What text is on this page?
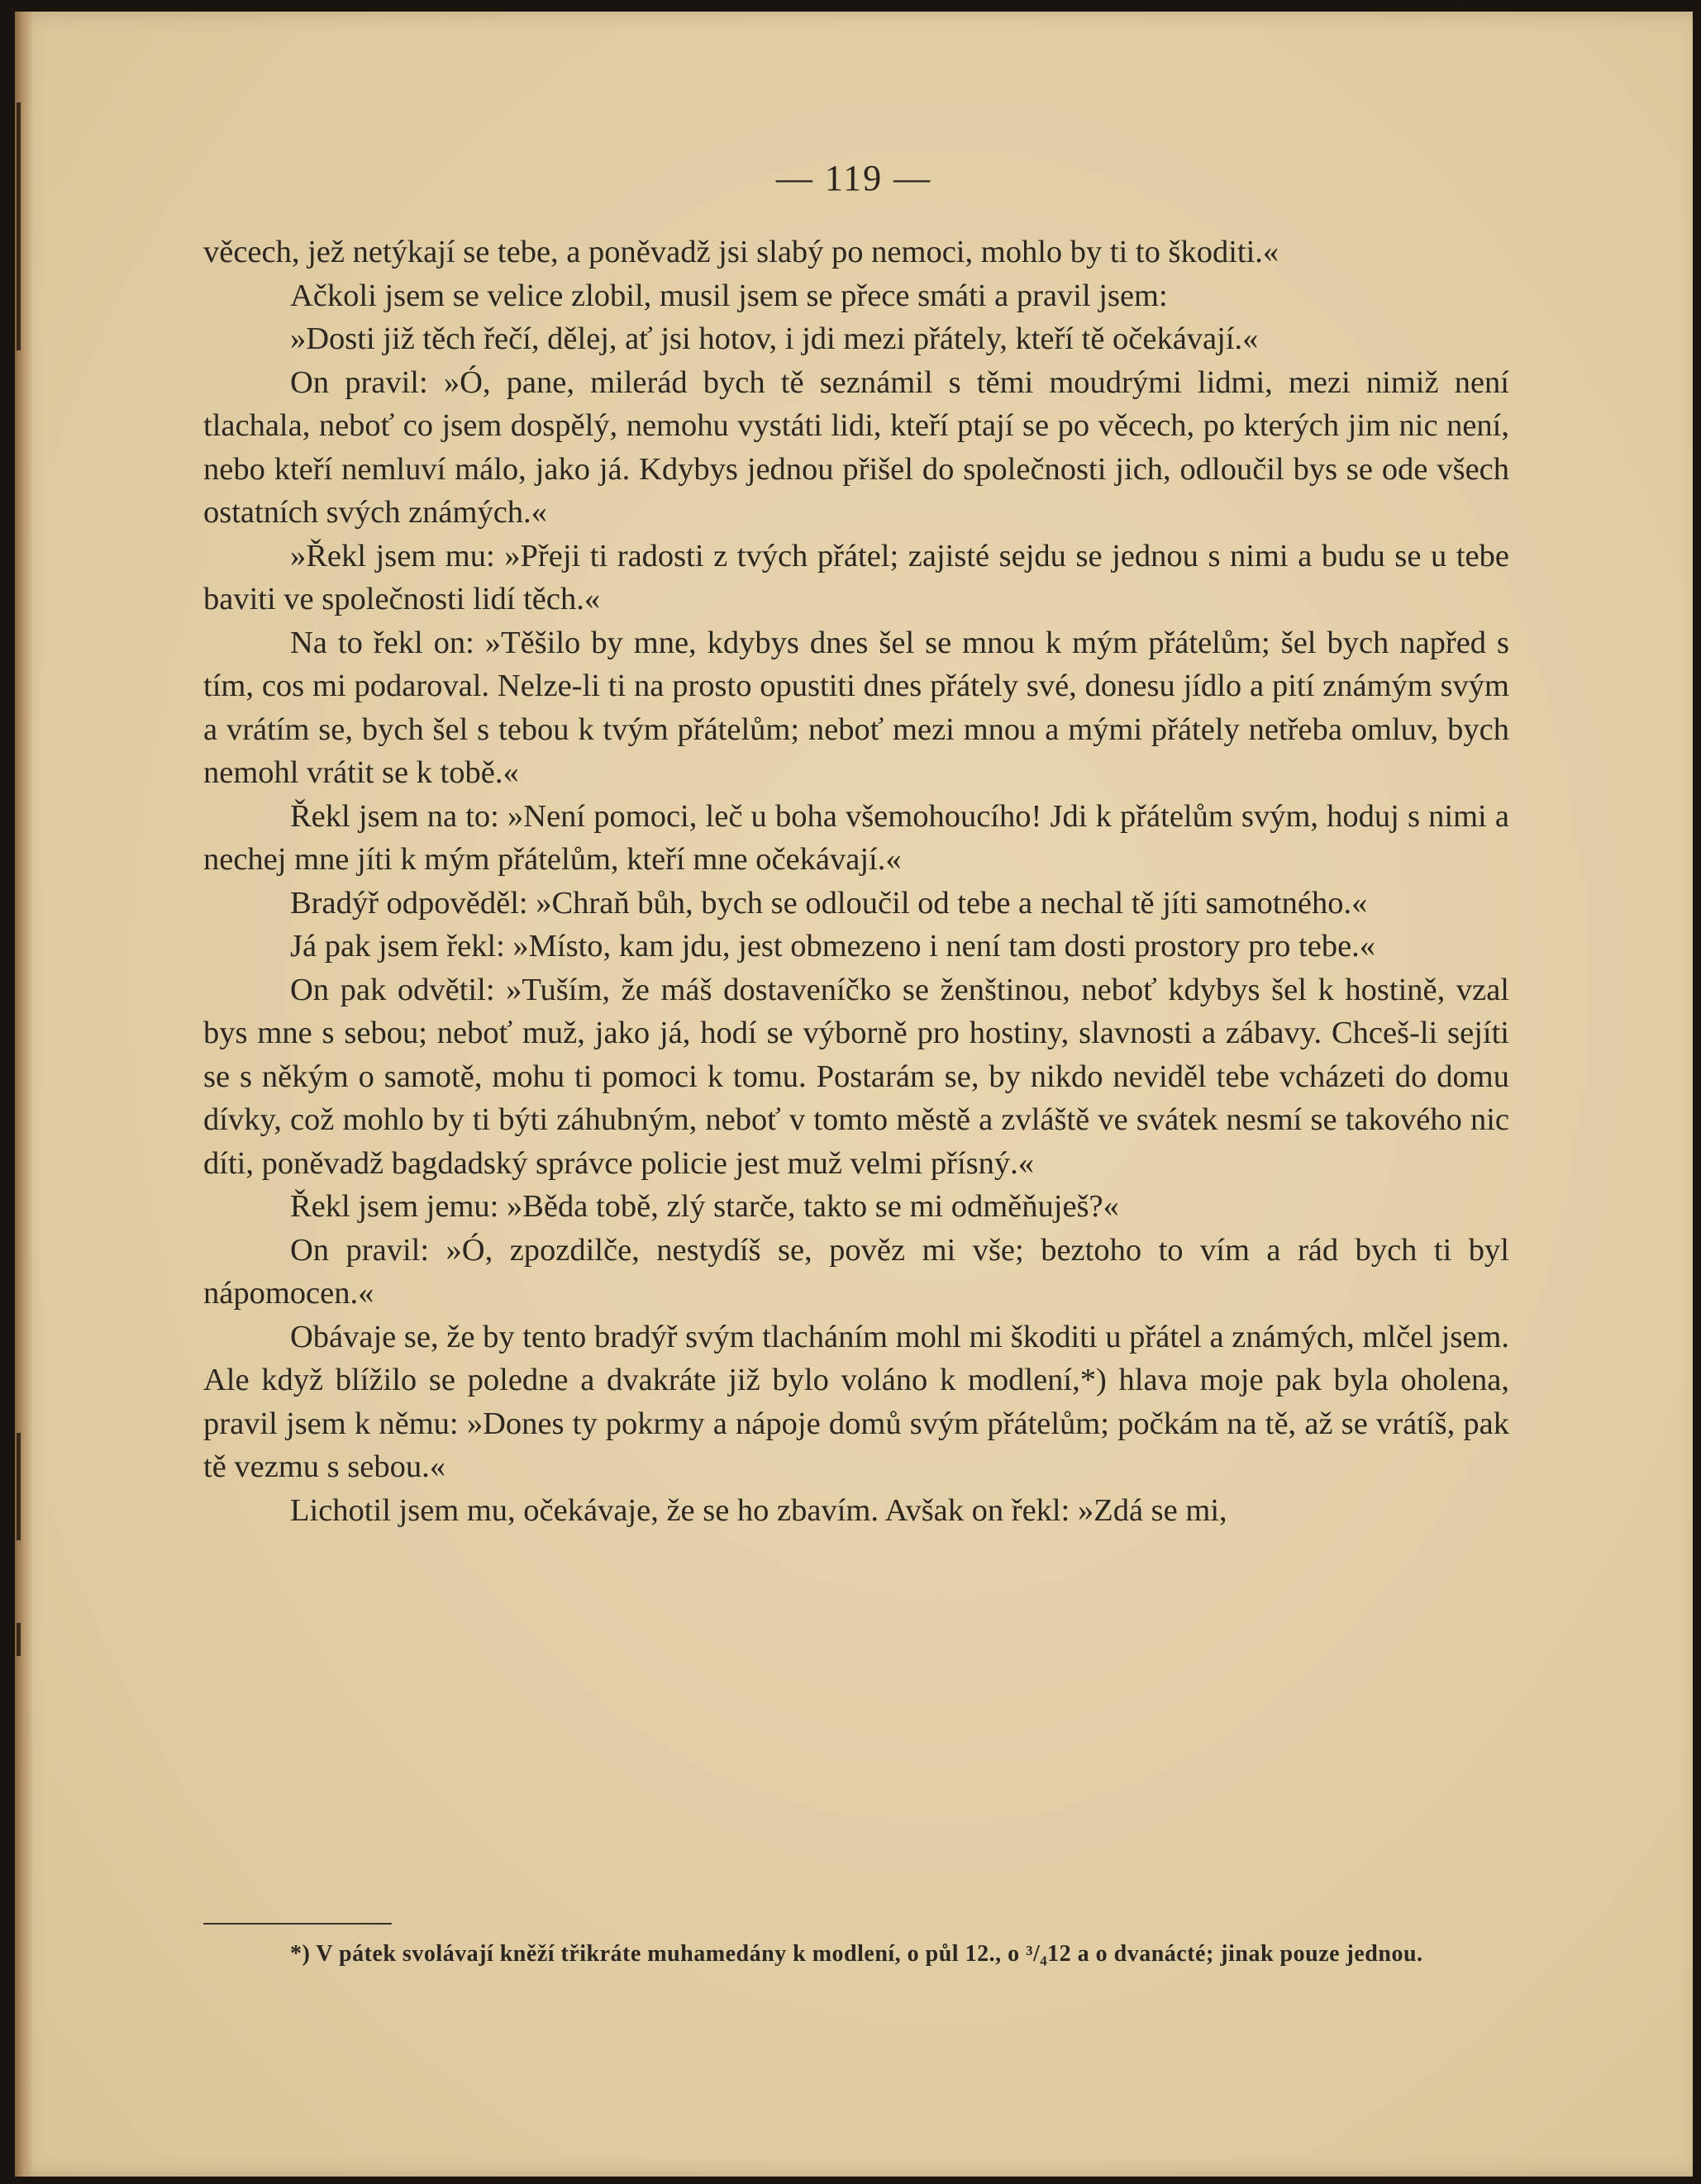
— 119 —

věcech, jež netýkají se tebe, a poněvadž jsi slabý po nemoci, mohlo by ti to škoditi.«

Ačkoli jsem se velice zlobil, musil jsem se přece smáti a pravil jsem:

»Dosti již těch řečí, dělej, ať jsi hotov, i jdi mezi přátely, kteří tě očekávají.«

On pravil: »Ó, pane, milerád bych tě seznámil s těmi moudrými lidmi, mezi nimiž není tlachala, neboť co jsem dospělý, nemohu vystáti lidi, kteří ptají se po věcech, po kterých jim nic není, nebo kteří nemluví málo, jako já. Kdybys jednou přišel do společnosti jich, odloučil bys se ode všech ostatních svých známých.«

»Řekl jsem mu: »Přeji ti radosti z tvých přátel; zajisté sejdu se jednou s nimi a budu se u tebe baviti ve společnosti lidí těch.«

Na to řekl on: »Těšilo by mne, kdybys dnes šel se mnou k mým přátelům; šel bych napřed s tím, cos mi podaroval. Nelze-li ti na prosto opustiti dnes přátely své, donesu jídlo a pití známým svým a vrátím se, bych šel s tebou k tvým přátelům; neboť mezi mnou a mými přátely netřeba omluv, bych nemohl vrátit se k tobě.«

Řekl jsem na to: »Není pomoci, leč u boha všemohoucího! Jdi k přátelům svým, hoduj s nimi a nechej mne jíti k mým přátelům, kteří mne očekávají.«

Bradýř odpověděl: »Chraň bůh, bych se odloučil od tebe a nechal tě jíti samotného.«

Já pak jsem řekl: »Místo, kam jdu, jest obmezeno i není tam dosti prostory pro tebe.«

On pak odvětil: »Tuším, že máš dostaveníčko se ženštinou, neboť kdybys šel k hostině, vzal bys mne s sebou; neboť muž, jako já, hodí se výborně pro hostiny, slavnosti a zábavy. Chceš-li sejíti se s někým o samotě, mohu ti pomoci k tomu. Postarám se, by nikdo neviděl tebe vcházeti do domu dívky, což mohlo by ti býti záhubným, neboť v tomto městě a zvláště ve svátek nesmí se takového nic díti, poněvadž bagdadský správce policie jest muž velmi přísný.«

Řekl jsem jemu: »Běda tobě, zlý starče, takto se mi odměňuješ?«

On pravil: »Ó, zpozdilče, nestydíš se, pověz mi vše; beztoho to vím a rád bych ti byl nápomocen.«

Obávaje se, že by tento bradýř svým tlacháním mohl mi škoditi u přátel a známých, mlčel jsem. Ale když blížilo se poledne a dvakráte již bylo voláno k modlení,*) hlava moje pak byla oholena, pravil jsem k němu: »Dones ty pokrmy a nápoje domů svým přátelům; počkám na tě, až se vrátíš, pak tě vezmu s sebou.«

Lichotil jsem mu, očekávaje, že se ho zbavím. Avšak on řekl: »Zdá se mi,

*) V pátek svolávají kněží třikráte muhamedány k modlení, o půl 12., o ³/₄12 a o dvanácté; jinak pouze jednou.
